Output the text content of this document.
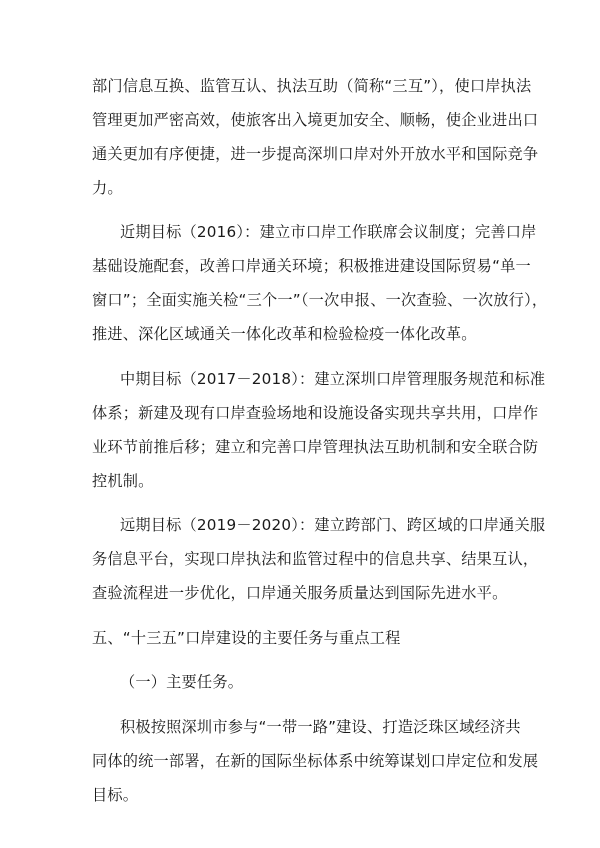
部门信息互换、监管互认、执法互助（简称“三互”），使口岸执法
管理更加严密高效，使旅客出入境更加安全、顺畅，使企业进出口
通关更加有序便捷，进一步提高深圳口岸对外开放水平和国际竞争
力。
近期目标（2016）：建立市口岸工作联席会议制度；完善口岸
基础设施配套，改善口岸通关环境；积极推进建设国际贸易“单一
窗口”；全面实施关检“三个一”（一次申报、一次查验、一次放行），
推进、深化区域通关一体化改革和检验检疫一体化改革。
中期目标（2017－2018）：建立深圳口岸管理服务规范和标准
体系；新建及现有口岸查验场地和设施设备实现共享共用，口岸作
业环节前推后移；建立和完善口岸管理执法互助机制和安全联合防
控机制。
远期目标（2019－2020）：建立跨部门、跨区域的口岸通关服
务信息平台，实现口岸执法和监管过程中的信息共享、结果互认，
查验流程进一步优化，口岸通关服务质量达到国际先进水平。
五、“十三五”口岸建设的主要任务与重点工程
（一）主要任务。
积极按照深圳市参与“一带一路”建设、打造泛珠区域经济共
同体的统一部署，在新的国际坐标体系中统筹谋划口岸定位和发展
目标。
